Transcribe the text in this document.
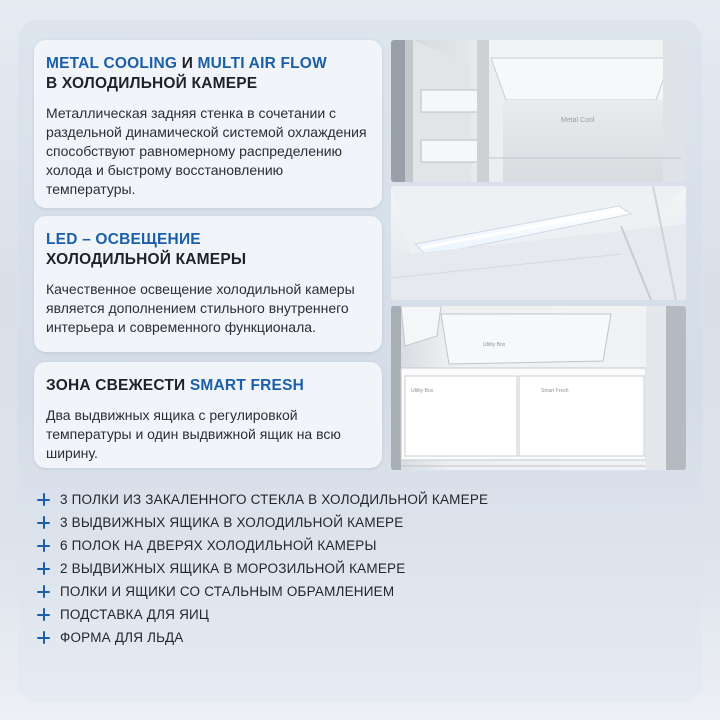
METAL COOLING И MULTI AIR FLOW
В ХОЛОДИЛЬНОЙ КАМЕРЕ

Металлическая задняя стенка в сочетании с раздельной динамической системой охлаждения способствуют равномерному распределению холода и быстрому восстановлению температуры.

LED – ОСВЕЩЕНИЕ
ХОЛОДИЛЬНОЙ КАМЕРЫ

Качественное освещение холодильной камеры является дополнением стильного внутреннего интерьера и современного функционала.

ЗОНА СВЕЖЕСТИ SMART FRESH

Два выдвижных ящика с регулировкой температуры и один выдвижной ящик на всю ширину.

Metal Cool
Utility Box
Utility Box	Smart Fresh
3 ПОЛКИ ИЗ ЗАКАЛЕННОГО СТЕКЛА В ХОЛОДИЛЬНОЙ КАМЕРЕ
3 ВЫДВИЖНЫХ ЯЩИКА В ХОЛОДИЛЬНОЙ КАМЕРЕ
6 ПОЛОК НА ДВЕРЯХ ХОЛОДИЛЬНОЙ КАМЕРЫ
2 ВЫДВИЖНЫХ ЯЩИКА В МОРОЗИЛЬНОЙ КАМЕРЕ
ПОЛКИ И ЯЩИКИ СО СТАЛЬНЫМ ОБРАМЛЕНИЕМ
ПОДСТАВКА ДЛЯ ЯИЦ
ФОРМА ДЛЯ ЛЬДА
